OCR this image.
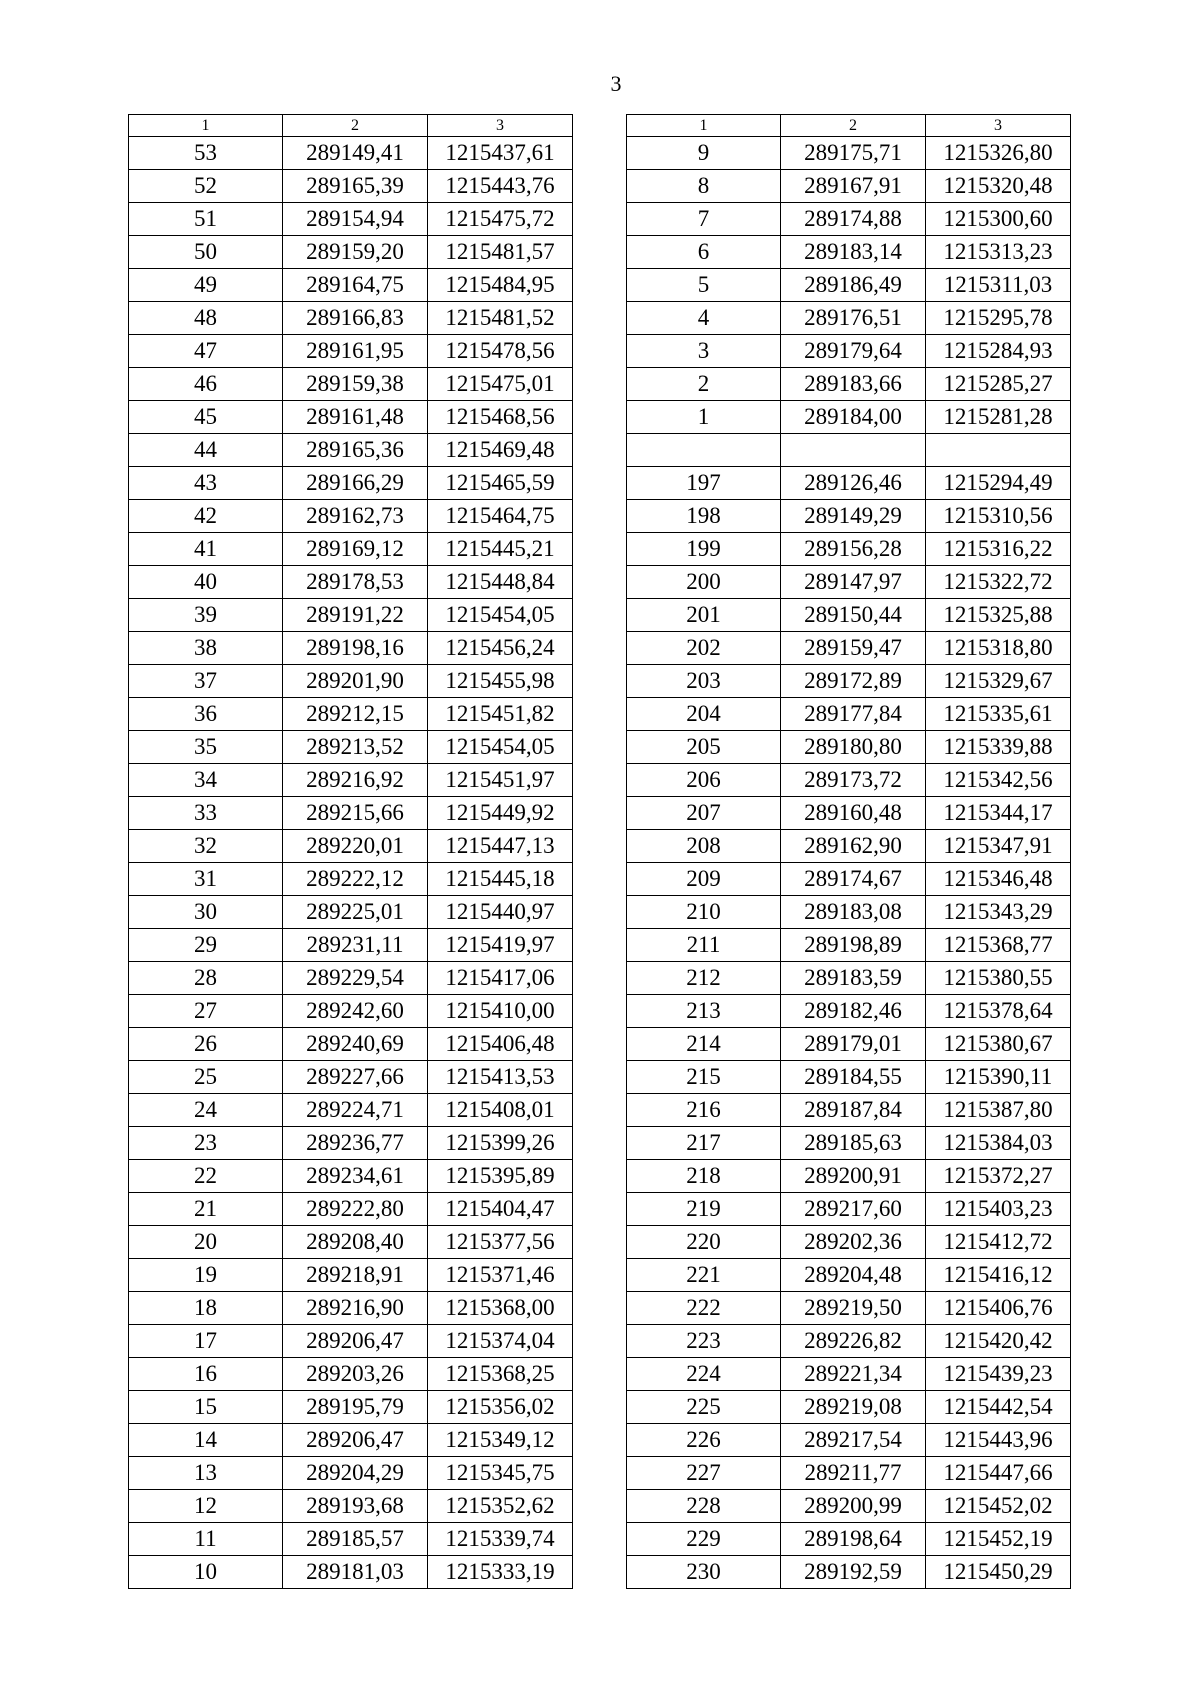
3
1	2	3
53	289149,41	1215437,61
52	289165,39	1215443,76
51	289154,94	1215475,72
50	289159,20	1215481,57
49	289164,75	1215484,95
48	289166,83	1215481,52
47	289161,95	1215478,56
46	289159,38	1215475,01
45	289161,48	1215468,56
44	289165,36	1215469,48
43	289166,29	1215465,59
42	289162,73	1215464,75
41	289169,12	1215445,21
40	289178,53	1215448,84
39	289191,22	1215454,05
38	289198,16	1215456,24
37	289201,90	1215455,98
36	289212,15	1215451,82
35	289213,52	1215454,05
34	289216,92	1215451,97
33	289215,66	1215449,92
32	289220,01	1215447,13
31	289222,12	1215445,18
30	289225,01	1215440,97
29	289231,11	1215419,97
28	289229,54	1215417,06
27	289242,60	1215410,00
26	289240,69	1215406,48
25	289227,66	1215413,53
24	289224,71	1215408,01
23	289236,77	1215399,26
22	289234,61	1215395,89
21	289222,80	1215404,47
20	289208,40	1215377,56
19	289218,91	1215371,46
18	289216,90	1215368,00
17	289206,47	1215374,04
16	289203,26	1215368,25
15	289195,79	1215356,02
14	289206,47	1215349,12
13	289204,29	1215345,75
12	289193,68	1215352,62
11	289185,57	1215339,74
10	289181,03	1215333,19
1	2	3
9	289175,71	1215326,80
8	289167,91	1215320,48
7	289174,88	1215300,60
6	289183,14	1215313,23
5	289186,49	1215311,03
4	289176,51	1215295,78
3	289179,64	1215284,93
2	289183,66	1215285,27
1	289184,00	1215281,28

197	289126,46	1215294,49
198	289149,29	1215310,56
199	289156,28	1215316,22
200	289147,97	1215322,72
201	289150,44	1215325,88
202	289159,47	1215318,80
203	289172,89	1215329,67
204	289177,84	1215335,61
205	289180,80	1215339,88
206	289173,72	1215342,56
207	289160,48	1215344,17
208	289162,90	1215347,91
209	289174,67	1215346,48
210	289183,08	1215343,29
211	289198,89	1215368,77
212	289183,59	1215380,55
213	289182,46	1215378,64
214	289179,01	1215380,67
215	289184,55	1215390,11
216	289187,84	1215387,80
217	289185,63	1215384,03
218	289200,91	1215372,27
219	289217,60	1215403,23
220	289202,36	1215412,72
221	289204,48	1215416,12
222	289219,50	1215406,76
223	289226,82	1215420,42
224	289221,34	1215439,23
225	289219,08	1215442,54
226	289217,54	1215443,96
227	289211,77	1215447,66
228	289200,99	1215452,02
229	289198,64	1215452,19
230	289192,59	1215450,29
